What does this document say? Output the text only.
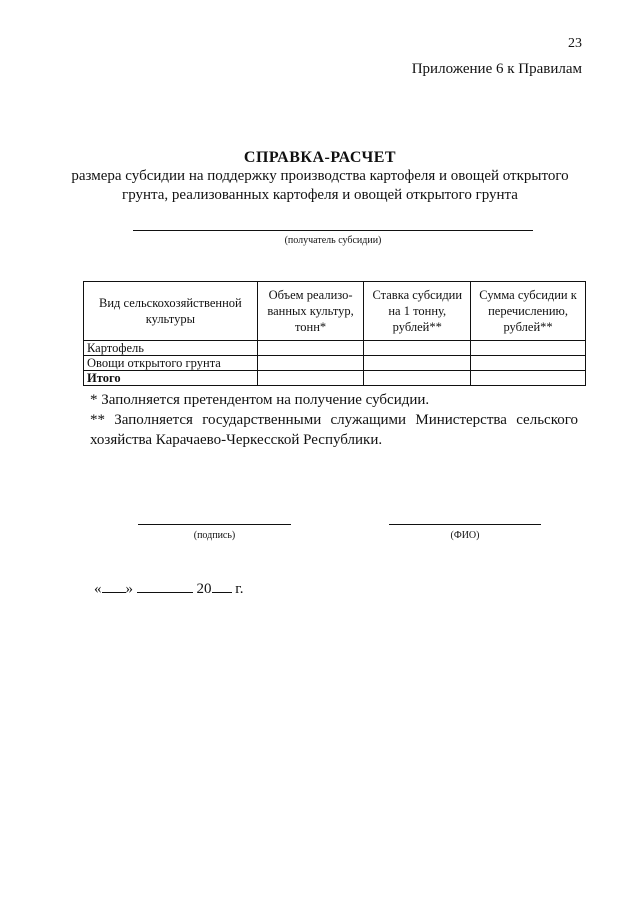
23
Приложение 6 к Правилам
СПРАВКА-РАСЧЕТ
размера субсидии на поддержку производства картофеля и овощей открытого грунта, реализованных картофеля и овощей открытого грунта
(получатель субсидии)
Вид сельскохозяйственной культуры	Объем реализо-ванных культур, тонн*	Ставка субсидии на 1 тонну, рублей**	Сумма субсидии к перечислению, рублей**
Картофель			
Овощи открытого грунта			
Итого			

* Заполняется претендентом на получение субсидии.

** Заполняется государственными служащими Министерства сельского хозяйства Карачаево-Черкесской Республики.

(подпись)	(ФИО)
« »	20 г.
